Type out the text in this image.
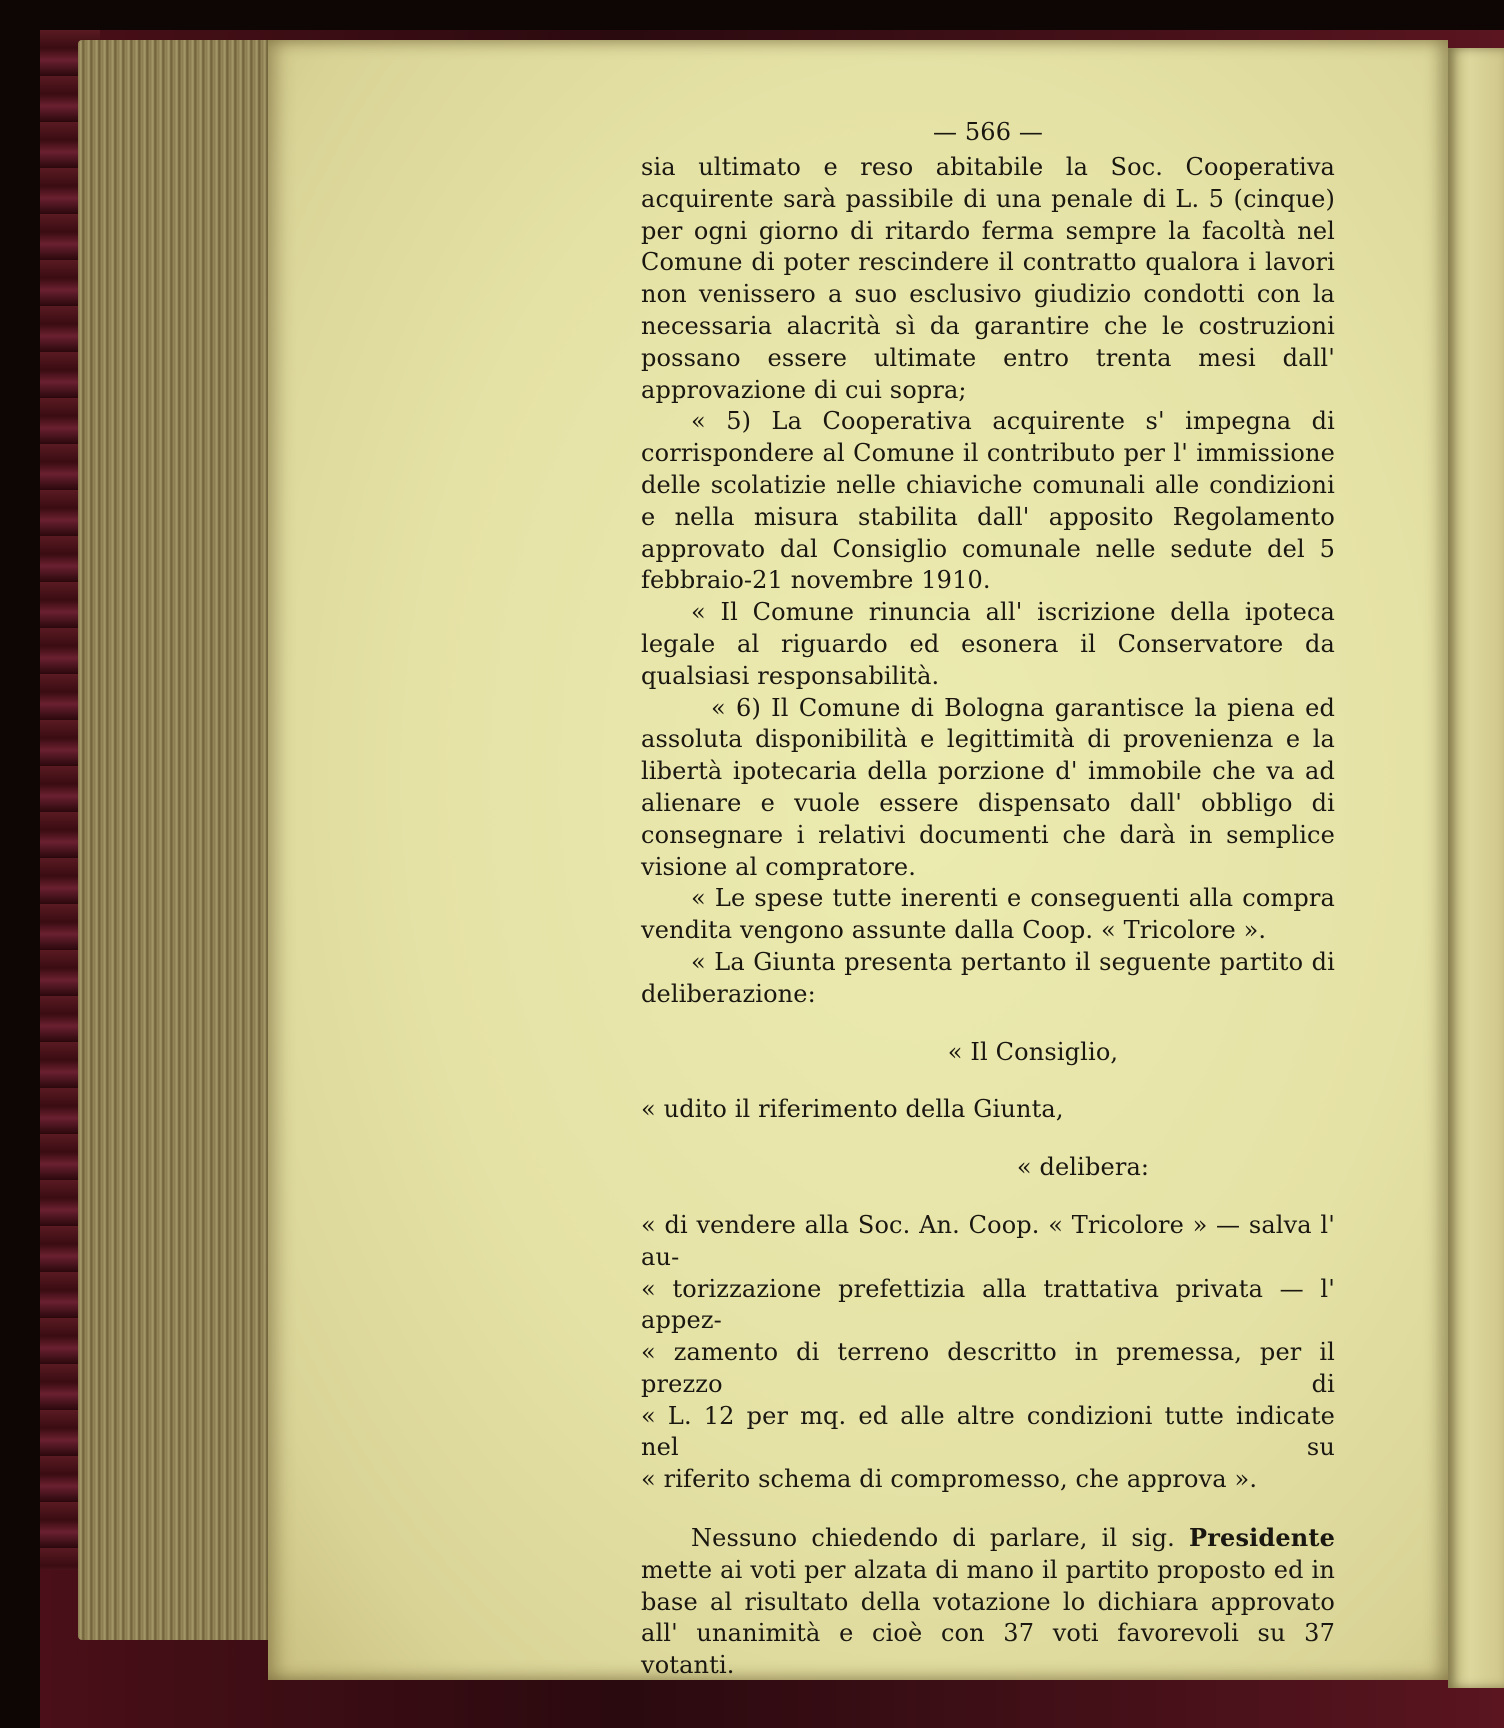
— 566 —

sia ultimato e reso abitabile la Soc. Cooperativa acquirente sarà passibile di una penale di L. 5 (cinque) per ogni giorno di ritardo ferma sempre la facoltà nel Comune di poter rescindere il contratto qualora i lavori non venissero a suo esclusivo giudizio condotti con la necessaria alacrità sì da garantire che le costruzioni possano essere ultimate entro trenta mesi dall' approvazione di cui sopra;

« 5) La Cooperativa acquirente s' impegna di corrispondere al Comune il contributo per l' immissione delle scolatizie nelle chiaviche comunali alle condizioni e nella misura stabilita dall' apposito Regolamento approvato dal Consiglio comunale nelle sedute del 5 febbraio-21 novembre 1910.

« Il Comune rinuncia all' iscrizione della ipoteca legale al riguardo ed esonera il Conservatore da qualsiasi responsabilità.

« 6) Il Comune di Bologna garantisce la piena ed assoluta disponibilità e legittimità di provenienza e la libertà ipotecaria della porzione d' immobile che va ad alienare e vuole essere dispensato dall' obbligo di consegnare i relativi documenti che darà in semplice visione al compratore.

« Le spese tutte inerenti e conseguenti alla compra vendita vengono assunte dalla Coop. « Tricolore ».

« La Giunta presenta pertanto il seguente partito di deliberazione:

« Il Consiglio,

« udito il riferimento della Giunta,

« delibera:

« di vendere alla Soc. An. Coop. « Tricolore » — salva l' au-

« torizzazione prefettizia alla trattativa privata — l' appez-

« zamento di terreno descritto in premessa, per il prezzo di

« L. 12 per mq. ed alle altre condizioni tutte indicate nel su

« riferito schema di compromesso, che approva ».

Nessuno chiedendo di parlare, il sig. Presidente mette ai voti per alzata di mano il partito proposto ed in base al risultato della votazione lo dichiara approvato all' unanimità e cioè con 37 voti favorevoli su 37 votanti.
